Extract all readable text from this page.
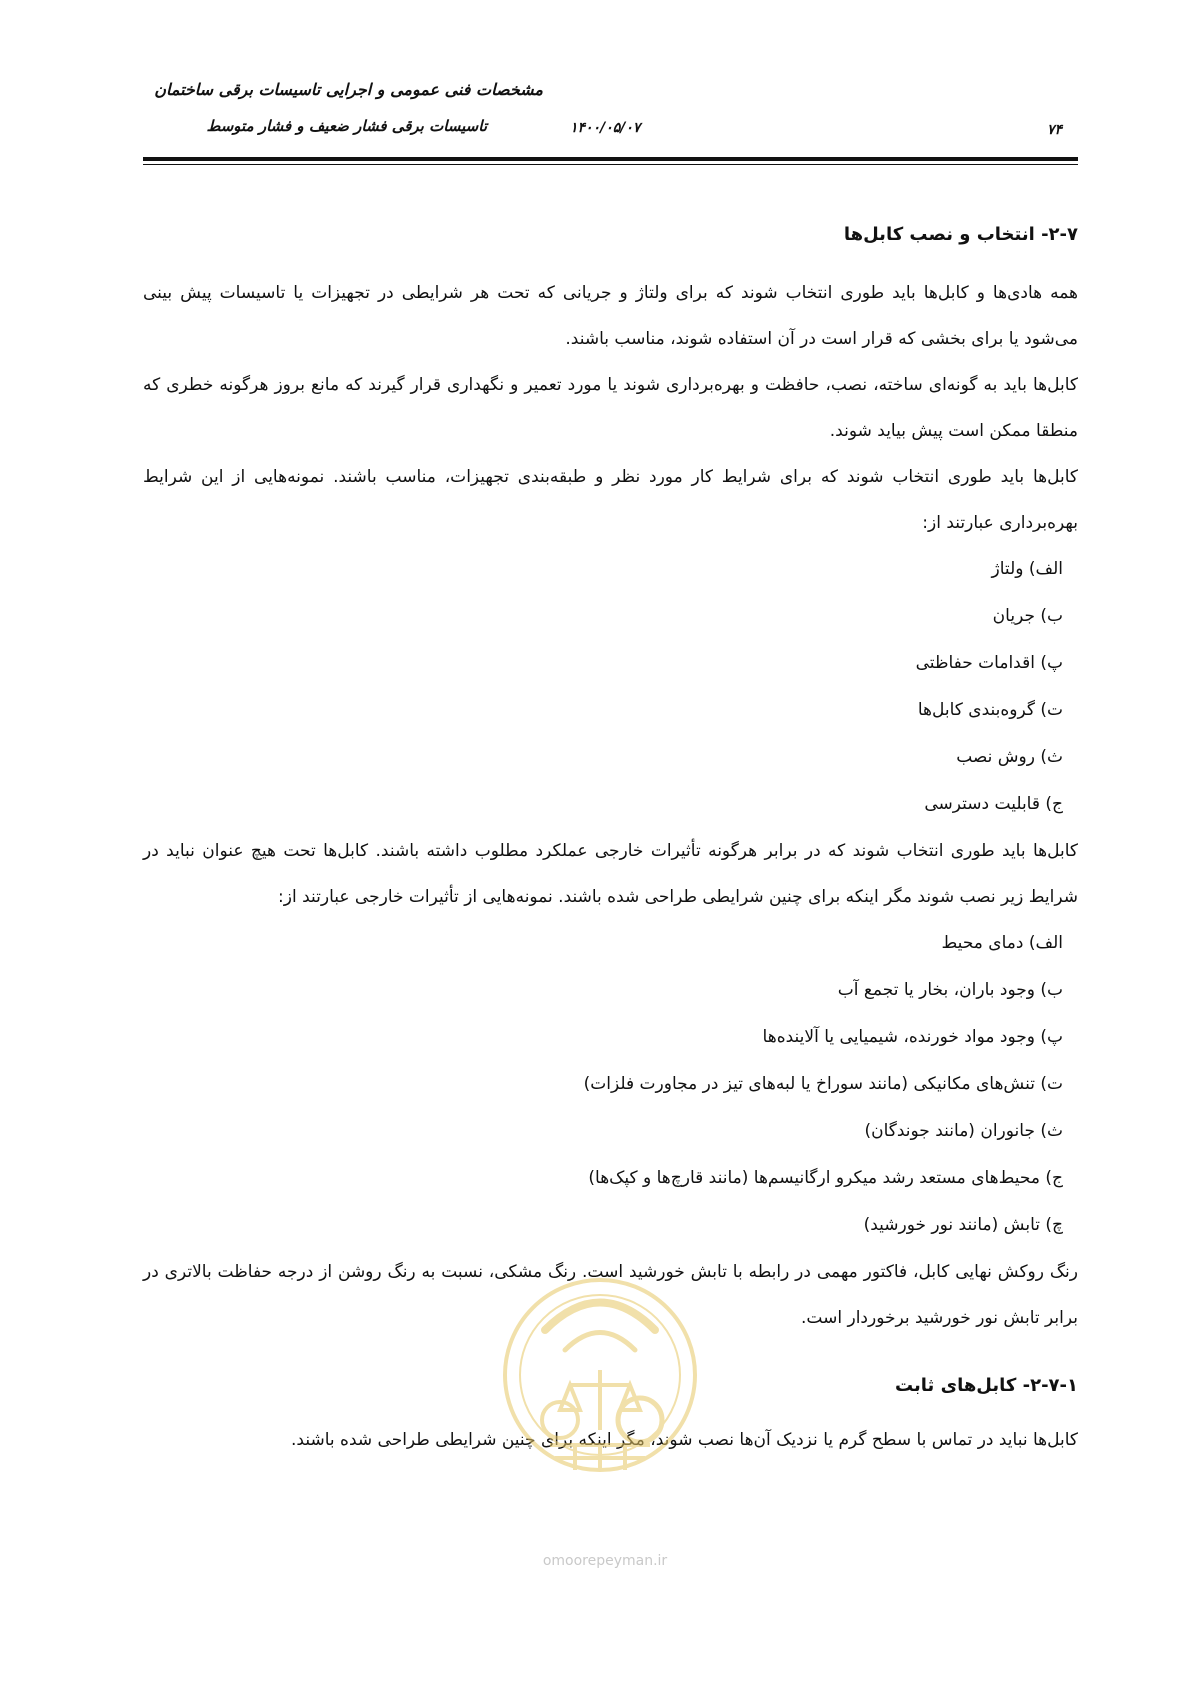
مشخصات فنی عمومی و اجرایی تاسیسات برقی ساختمان
تاسیسات برقی فشار ضعیف و فشار متوسط	۱۴۰۰/۰۵/۰۷	۷۴
۲-۷- انتخاب و نصب کابل‌ها

همه هادی‌ها و کابل‌ها باید طوری انتخاب شوند که برای ولتاژ و جریانی که تحت هر شرایطی در تجهیزات یا تاسیسات پیش بینی می‌شود یا برای بخشی که قرار است در آن استفاده شوند، مناسب باشند.

کابل‌ها باید به گونه‌ای ساخته، نصب، حافظت و بهره‌برداری شوند یا مورد تعمیر و نگهداری قرار گیرند که مانع بروز هرگونه خطری که منطقا ممکن است پیش بیاید شوند.

کابل‌ها باید طوری انتخاب شوند که برای شرایط کار مورد نظر و طبقه‌بندی تجهیزات، مناسب باشند. نمونه‌هایی از این شرایط بهره‌برداری عبارتند از:

الف) ولتاژ
ب) جریان
پ) اقدامات حفاظتی
ت) گروه‌بندی کابل‌ها
ث) روش نصب
ج) قابلیت دسترسی

کابل‌ها باید طوری انتخاب شوند که در برابر هرگونه تأثیرات خارجی عملکرد مطلوب داشته باشند. کابل‌ها تحت هیچ عنوان نباید در شرایط زیر نصب شوند مگر اینکه برای چنین شرایطی طراحی شده باشند. نمونه‌هایی از تأثیرات خارجی عبارتند از:

الف) دمای محیط
ب) وجود باران، بخار یا تجمع آب
پ) وجود مواد خورنده، شیمیایی یا آلاینده‌ها
ت) تنش‌های مکانیکی (مانند سوراخ یا لبه‌های تیز در مجاورت فلزات)
ث) جانوران (مانند جوندگان)
ج) محیط‌های مستعد رشد میکرو ارگانیسم‌ها (مانند قارچ‌ها و کپک‌ها)
چ) تابش (مانند نور خورشید)

رنگ روکش نهایی کابل، فاکتور مهمی در رابطه با تابش خورشید است. رنگ مشکی، نسبت به رنگ روشن از درجه حفاظت بالاتری در برابر تابش نور خورشید برخوردار است.

۲-۷-۱- کابل‌های ثابت

کابل‌ها نباید در تماس با سطح گرم یا نزدیک آن‌ها نصب شوند، مگر اینکه برای چنین شرایطی طراحی شده باشند.

omoorepeyman.ir
